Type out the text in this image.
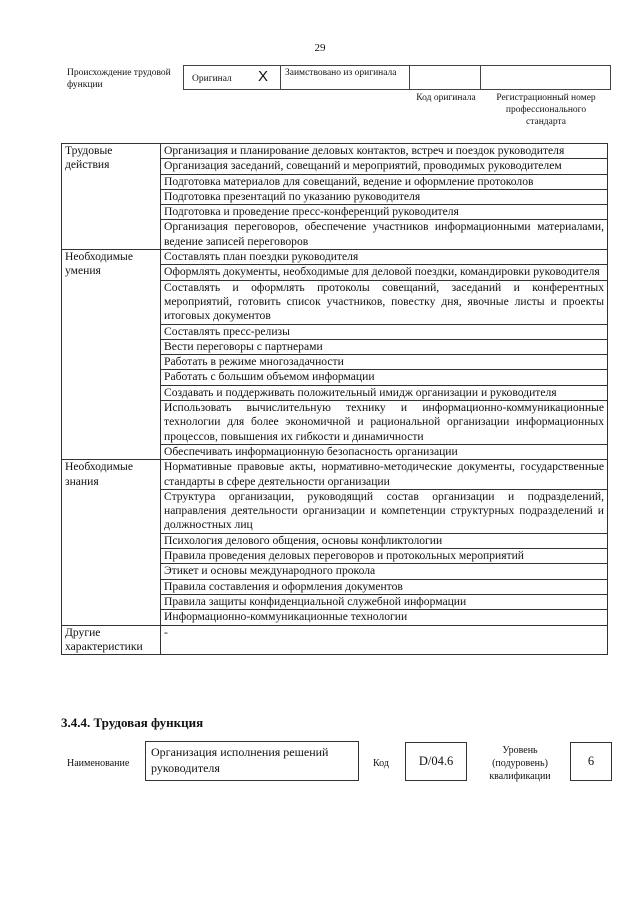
29
Происхождение трудовой функции
Оригинал X Заимствовано из оригинала
Код оригинала	Регистрационный номер профессионального стандарта
Трудовые действия	Организация и планирование деловых контактов, встреч и поездок руководителя
	Организация заседаний, совещаний и мероприятий, проводимых руководителем
	Подготовка материалов для совещаний, ведение и оформление протоколов
	Подготовка презентаций по указанию руководителя
	Подготовка и проведение пресс-конференций руководителя
	Организация переговоров, обеспечение участников информационными материалами, ведение записей переговоров
Необходимые умения	Составлять план поездки руководителя
	Оформлять документы, необходимые для деловой поездки, командировки руководителя
	Составлять и оформлять протоколы совещаний, заседаний и конферентных мероприятий, готовить список участников, повестку дня, явочные листы и проекты итоговых документов
	Составлять пресс-релизы
	Вести переговоры с партнерами
	Работать в режиме многозадачности
	Работать с большим объемом информации
	Создавать и поддерживать положительный имидж организации и руководителя
	Использовать вычислительную технику и информационно-коммуникационные технологии для более экономичной и рациональной организации информационных процессов, повышения их гибкости и динамичности
	Обеспечивать информационную безопасность организации
Необходимые знания	Нормативные правовые акты, нормативно-методические документы, государственные стандарты в сфере деятельности организации
	Структура организации, руководящий состав организации и подразделений, направления деятельности организации и компетенции структурных подразделений и должностных лиц
	Психология делового общения, основы конфликтологии
	Правила проведения деловых переговоров и протокольных мероприятий
	Этикет и основы международного прокола
	Правила составления и оформления документов
	Правила защиты конфиденциальной служебной информации
	Информационно-коммуникационные технологии
Другие характеристики	-
3.4.4. Трудовая функция
Наименование
Организация исполнения решений руководителя	Код	D/04.6
Уровень (подуровень) квалификации
6
